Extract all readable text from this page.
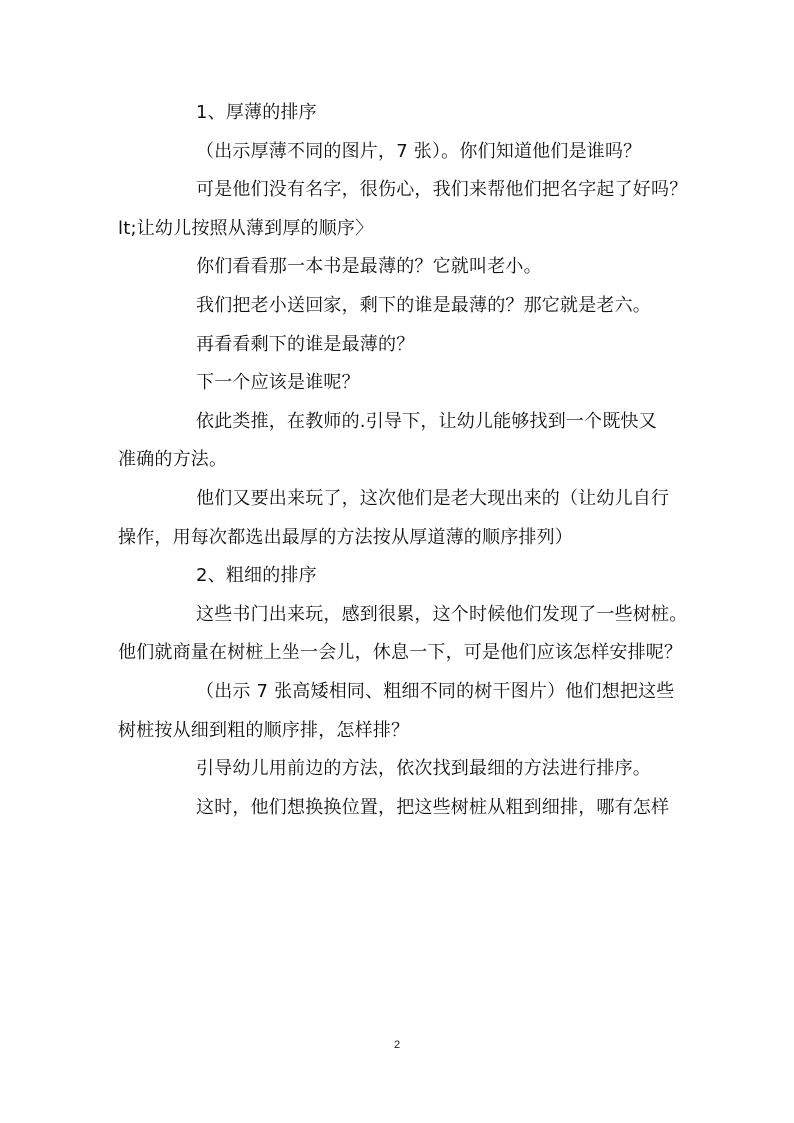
1、厚薄的排序
（出示厚薄不同的图片，7 张）。你们知道他们是谁吗？
可是他们没有名字，很伤心，我们来帮他们把名字起了好吗？
lt;让幼儿按照从薄到厚的顺序〉
你们看看那一本书是最薄的？它就叫老小。
我们把老小送回家，剩下的谁是最薄的？那它就是老六。
再看看剩下的谁是最薄的？
下一个应该是谁呢？
依此类推，在教师的.引导下，让幼儿能够找到一个既快又
准确的方法。
他们又要出来玩了，这次他们是老大现出来的（让幼儿自行
操作，用每次都选出最厚的方法按从厚道薄的顺序排列）
2、粗细的排序
这些书门出来玩，感到很累，这个时候他们发现了一些树桩。
他们就商量在树桩上坐一会儿，休息一下，可是他们应该怎样安排呢？
（出示 7 张高矮相同、粗细不同的树干图片）他们想把这些
树桩按从细到粗的顺序排，怎样排？
引导幼儿用前边的方法，依次找到最细的方法进行排序。
这时，他们想换换位置，把这些树桩从粗到细排，哪有怎样
2
